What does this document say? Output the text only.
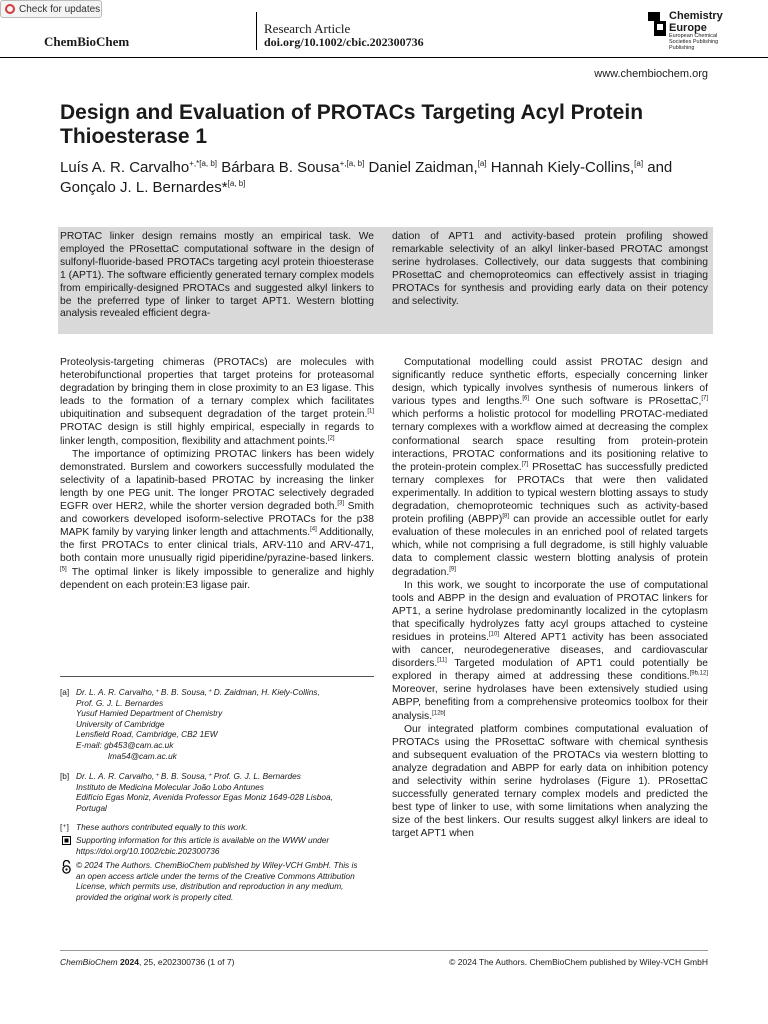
Check for updates
ChemBioChem
Research Article
doi.org/10.1002/cbic.202300736
Chemistry
Europe
European Chemical
Societies Publishing
Publishing
www.chembiochem.org
Design and Evaluation of PROTACs Targeting Acyl Protein Thioesterase 1
Luís A. R. Carvalho$^{+,*[a, b]}$ Bárbara B. Sousa$^{+,[a, b]}$ Daniel Zaidman,[a] Hannah Kiely-Collins,[a] and
Gonçalo J. L. Bernardes*[a, b]
PROTAC linker design remains mostly an empirical task. We employed the PRosettaC computational software in the design of sulfonyl-fluoride-based PROTACs targeting acyl protein thioesterase 1 (APT1). The software efficiently generated ternary complex models from empirically-designed PROTACs and suggested alkyl linkers to be the preferred type of linker to target APT1. Western blotting analysis revealed efficient degra-
dation of APT1 and activity-based protein profiling showed remarkable selectivity of an alkyl linker-based PROTAC amongst serine hydrolases. Collectively, our data suggests that combining PRosettaC and chemoproteomics can effectively assist in triaging PROTACs for synthesis and providing early data on their potency and selectivity.

Proteolysis-targeting chimeras (PROTACs) are molecules with heterobifunctional properties that target proteins for proteasomal degradation by bringing them in close proximity to an E3 ligase. This leads to the formation of a ternary complex which facilitates ubiquitination and subsequent degradation of the target protein.[1] PROTAC design is still highly empirical, especially in regards to linker length, composition, flexibility and attachment points.[2]

The importance of optimizing PROTAC linkers has been widely demonstrated. Burslem and coworkers successfully modulated the selectivity of a lapatinib-based PROTAC by increasing the linker length by one PEG unit. The longer PROTAC selectively degraded EGFR over HER2, while the shorter version degraded both.[3] Smith and coworkers developed isoform-selective PROTACs for the p38 MAPK family by varying linker length and attachments.[4] Additionally, the first PROTACs to enter clinical trials, ARV-110 and ARV-471, both contain more unusually rigid piperidine/pyrazine-based linkers.[5] The optimal linker is likely impossible to generalize and highly dependent on each protein:E3 ligase pair.

Computational modelling could assist PROTAC design and significantly reduce synthetic efforts, especially concerning linker design, which typically involves synthesis of numerous linkers of various types and lengths.[6] One such software is PRosettaC,[7] which performs a holistic protocol for modelling PROTAC-mediated ternary complexes with a workflow aimed at decreasing the complex conformational search space resulting from protein-protein interactions, PROTAC conformations and its positioning relative to the protein-protein complex.[7] PRosettaC has successfully predicted ternary complexes for PROTACs that were then validated experimentally. In addition to typical western blotting assays to study degradation, chemoproteomic techniques such as activity-based protein profiling (ABPP)[8] can provide an accessible outlet for early evaluation of these molecules in an enriched pool of related targets which, while not comprising a full degradome, is still highly valuable data to complement classic western blotting analysis of protein degradation.[9]

In this work, we sought to incorporate the use of computational tools and ABPP in the design and evaluation of PROTAC linkers for APT1, a serine hydrolase predominantly localized in the cytoplasm that specifically hydrolyzes fatty acyl groups attached to cysteine residues in proteins.[10] Altered APT1 activity has been associated with cancer, neurodegenerative diseases, and cardiovascular disorders.[11] Targeted modulation of APT1 could potentially be explored in therapy aimed at addressing these conditions.[9b,12] Moreover, serine hydrolases have been extensively studied using ABPP, benefiting from a comprehensive proteomics toolbox for their analysis.[12b]

Our integrated platform combines computational evaluation of PROTACs using the PRosettaC software with chemical synthesis and subsequent evaluation of the PROTACs via western blotting to analyze degradation and ABPP for early data on inhibition potency and selectivity within serine hydrolases (Figure 1). PRosettaC successfully generated ternary complex models and predicted the best type of linker to use, with some limitations when analyzing the size of the best linkers. Our results suggest alkyl linkers are ideal to target APT1 when

[a] Dr. L. A. R. Carvalho,⁺ B. B. Sousa,⁺ D. Zaidman, H. Kiely-Collins,
Prof. G. J. L. Bernardes
Yusuf Hamied Department of Chemistry
University of Cambridge
Lensfield Road, Cambridge, CB2 1EW
E-mail: gb453@cam.ac.uk
lma54@cam.ac.uk
[b] Dr. L. A. R. Carvalho,⁺ B. B. Sousa,⁺ Prof. G. J. L. Bernardes
Instituto de Medicina Molecular João Lobo Antunes
Edifício Egas Moniz, Avenida Professor Egas Moniz 1649-028 Lisboa,
Portugal
[⁺] These authors contributed equally to this work.
Supporting information for this article is available on the WWW under
https://doi.org/10.1002/cbic.202300736
© 2024 The Authors. ChemBioChem published by Wiley-VCH GmbH. This is
an open access article under the terms of the Creative Commons Attribution
License, which permits use, distribution and reproduction in any medium,
provided the original work is properly cited.
ChemBioChem 2024, 25, e202300736 (1 of 7)	© 2024 The Authors. ChemBioChem published by Wiley-VCH GmbH
